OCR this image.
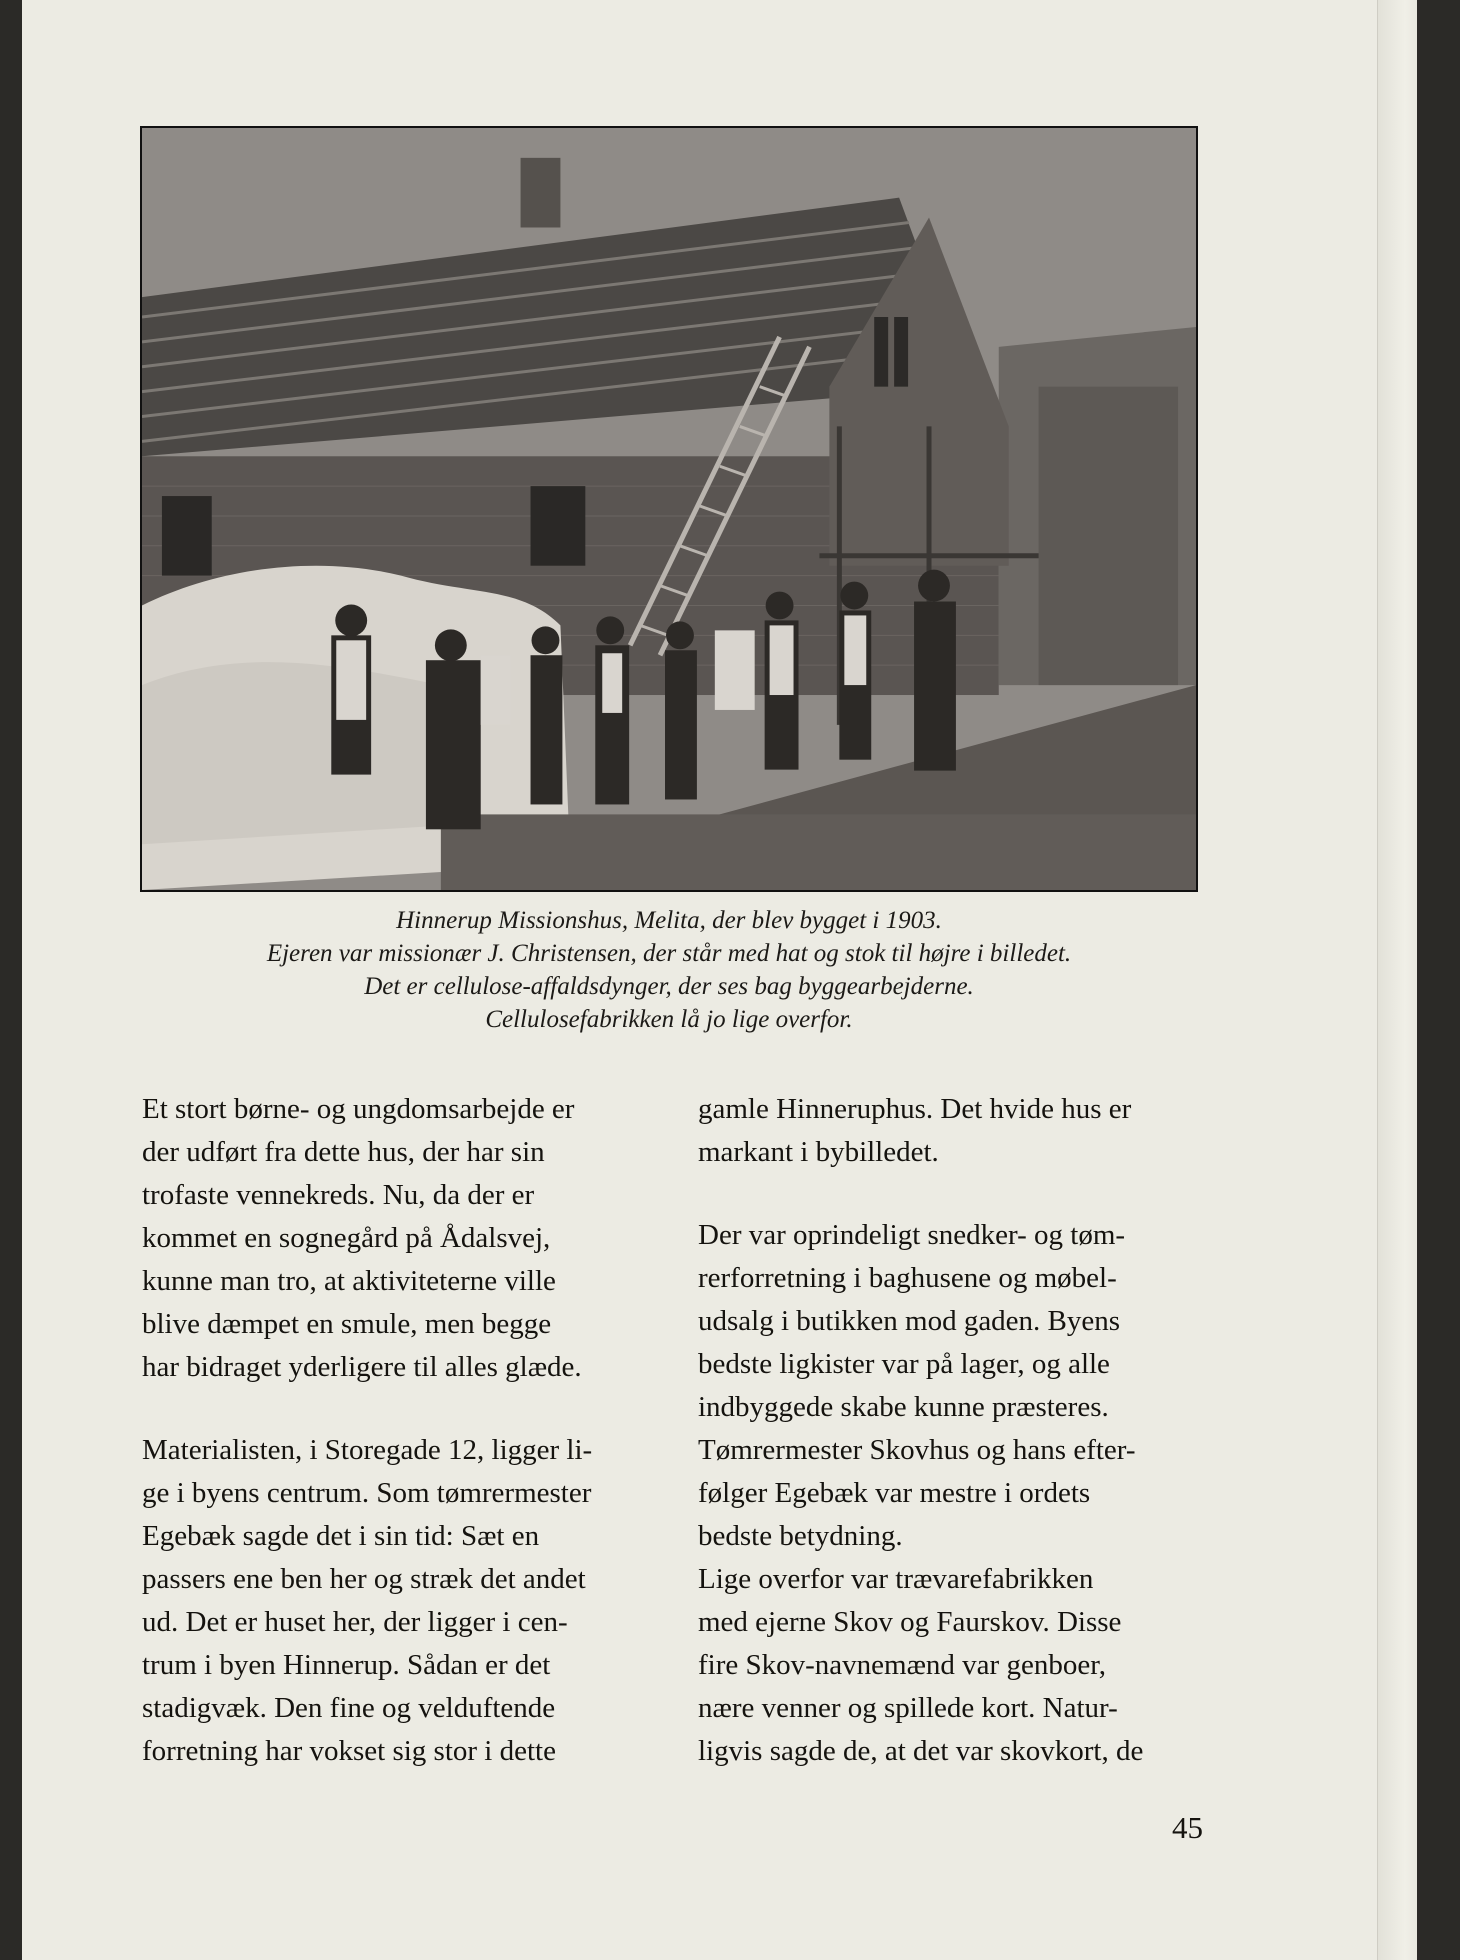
Hinnerup Missionshus, Melita, der blev bygget i 1903.
Ejeren var missionær J. Christensen, der står med hat og stok til højre i billedet.
Det er cellulose-affaldsdynger, der ses bag byggearbejderne.
Cellulosefabrikken lå jo lige overfor.
Et stort børne- og ungdomsarbejde er
der udført fra dette hus, der har sin
trofaste vennekreds. Nu, da der er
kommet en sognegård på Ådalsvej,
kunne man tro, at aktiviteterne ville
blive dæmpet en smule, men begge
har bidraget yderligere til alles glæde.
Materialisten, i Storegade 12, ligger li-
ge i byens centrum. Som tømrermester
Egebæk sagde det i sin tid: Sæt en
passers ene ben her og stræk det andet
ud. Det er huset her, der ligger i cen-
trum i byen Hinnerup. Sådan er det
stadigvæk. Den fine og velduftende
forretning har vokset sig stor i dette
gamle Hinneruphus. Det hvide hus er
markant i bybilledet.
Der var oprindeligt snedker- og tøm-
rerforretning i baghusene og møbel-
udsalg i butikken mod gaden. Byens
bedste ligkister var på lager, og alle
indbyggede skabe kunne præsteres.
Tømrermester Skovhus og hans efter-
følger Egebæk var mestre i ordets
bedste betydning.
Lige overfor var trævarefabrikken
med ejerne Skov og Faurskov. Disse
fire Skov-navnemænd var genboer,
nære venner og spillede kort. Natur-
ligvis sagde de, at det var skovkort, de
45
